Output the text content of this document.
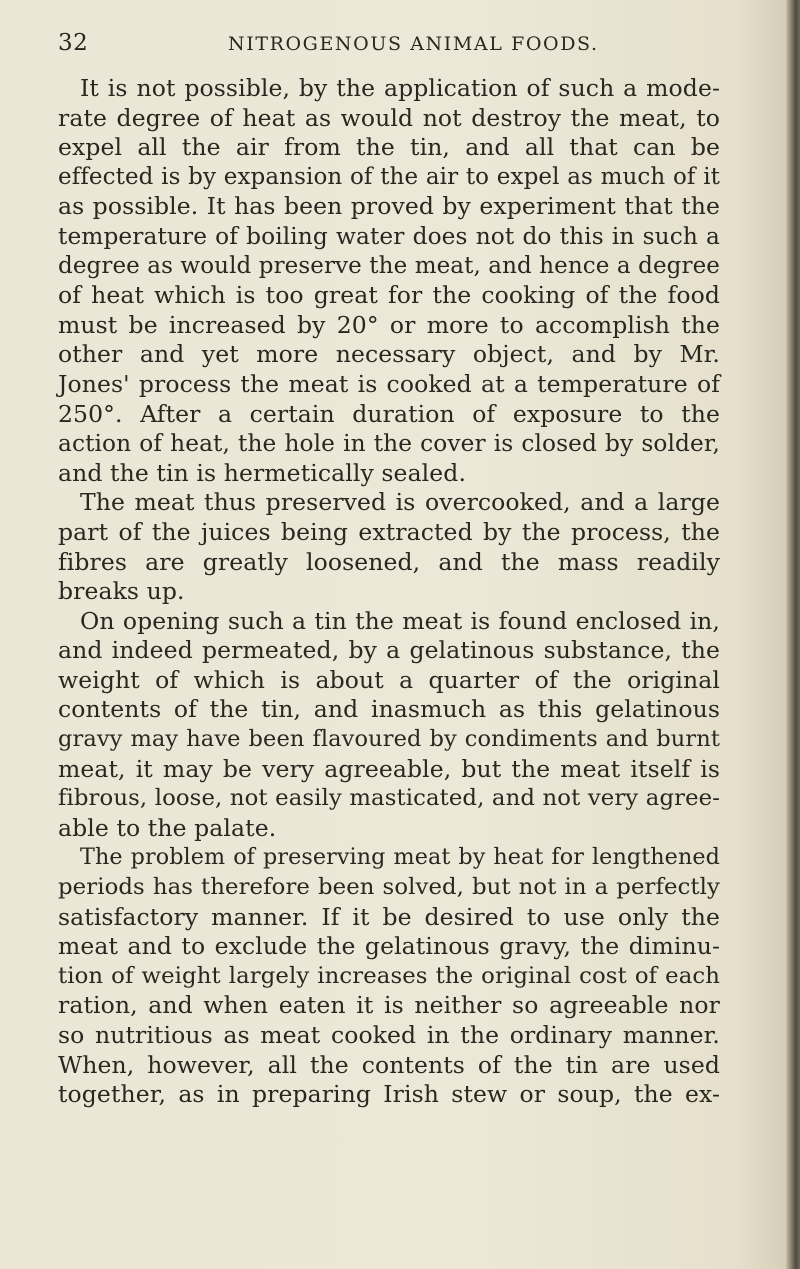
32	NITROGENOUS ANIMAL FOODS.
It is not possible, by the application of such a mode-
rate degree of heat as would not destroy the meat, to
expel all the air from the tin, and all that can be
effected is by expansion of the air to expel as much of it
as possible. It has been proved by experiment that the
temperature of boiling water does not do this in such a
degree as would preserve the meat, and hence a degree
of heat which is too great for the cooking of the food
must be increased by 20° or more to accomplish the
other and yet more necessary object, and by Mr.
Jones' process the meat is cooked at a temperature of
250°. After a certain duration of exposure to the
action of heat, the hole in the cover is closed by solder,
and the tin is hermetically sealed.
The meat thus preserved is overcooked, and a large
part of the juices being extracted by the process, the
fibres are greatly loosened, and the mass readily
breaks up.
On opening such a tin the meat is found enclosed in,
and indeed permeated, by a gelatinous substance, the
weight of which is about a quarter of the original
contents of the tin, and inasmuch as this gelatinous
gravy may have been flavoured by condiments and burnt
meat, it may be very agreeable, but the meat itself is
fibrous, loose, not easily masticated, and not very agree-
able to the palate.
The problem of preserving meat by heat for lengthened
periods has therefore been solved, but not in a perfectly
satisfactory manner. If it be desired to use only the
meat and to exclude the gelatinous gravy, the diminu-
tion of weight largely increases the original cost of each
ration, and when eaten it is neither so agreeable nor
so nutritious as meat cooked in the ordinary manner.
When, however, all the contents of the tin are used
together, as in preparing Irish stew or soup, the ex-
